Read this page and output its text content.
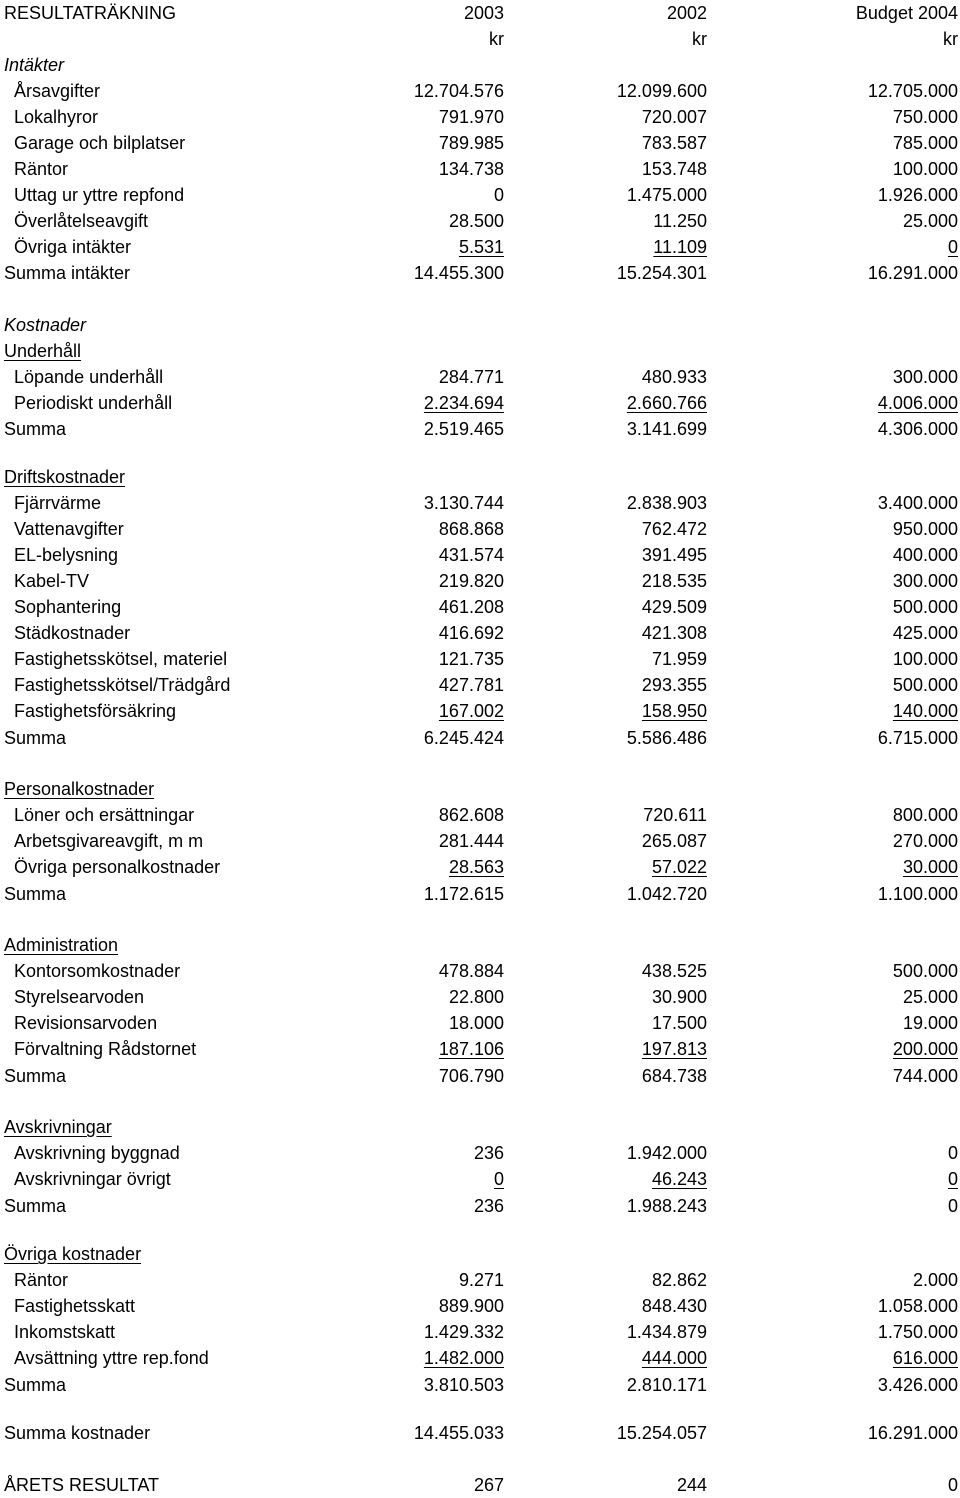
RESULTATRÄKNING	2003	2002	Budget 2004
kr	kr	kr
Intäkter
Årsavgifter	12.704.576	12.099.600	12.705.000
Lokalhyror	791.970	720.007	750.000
Garage och bilplatser	789.985	783.587	785.000
Räntor	134.738	153.748	100.000
Uttag ur yttre repfond	0	1.475.000	1.926.000
Överlåtelseavgift	28.500	11.250	25.000
Övriga intäkter	5.531	11.109	0
Summa intäkter	14.455.300	15.254.301	16.291.000
Kostnader
Underhåll
Löpande underhåll	284.771	480.933	300.000
Periodiskt underhåll	2.234.694	2.660.766	4.006.000
Summa	2.519.465	3.141.699	4.306.000
Driftskostnader
Fjärrvärme	3.130.744	2.838.903	3.400.000
Vattenavgifter	868.868	762.472	950.000
EL-belysning	431.574	391.495	400.000
Kabel-TV	219.820	218.535	300.000
Sophantering	461.208	429.509	500.000
Städkostnader	416.692	421.308	425.000
Fastighetsskötsel, materiel	121.735	71.959	100.000
Fastighetsskötsel/Trädgård	427.781	293.355	500.000
Fastighetsförsäkring	167.002	158.950	140.000
Summa	6.245.424	5.586.486	6.715.000
Personalkostnader
Löner och ersättningar	862.608	720.611	800.000
Arbetsgivareavgift, m m	281.444	265.087	270.000
Övriga personalkostnader	28.563	57.022	30.000
Summa	1.172.615	1.042.720	1.100.000
Administration
Kontorsomkostnader	478.884	438.525	500.000
Styrelsearvoden	22.800	30.900	25.000
Revisionsarvoden	18.000	17.500	19.000
Förvaltning Rådstornet	187.106	197.813	200.000
Summa	706.790	684.738	744.000
Avskrivningar
Avskrivning byggnad	236	1.942.000	0
Avskrivningar övrigt	0	46.243	0
Summa	236	1.988.243	0
Övriga kostnader
Räntor	9.271	82.862	2.000
Fastighetsskatt	889.900	848.430	1.058.000
Inkomstskatt	1.429.332	1.434.879	1.750.000
Avsättning yttre rep.fond	1.482.000	444.000	616.000
Summa	3.810.503	2.810.171	3.426.000
Summa kostnader	14.455.033	15.254.057	16.291.000
ÅRETS RESULTAT	267	244	0
